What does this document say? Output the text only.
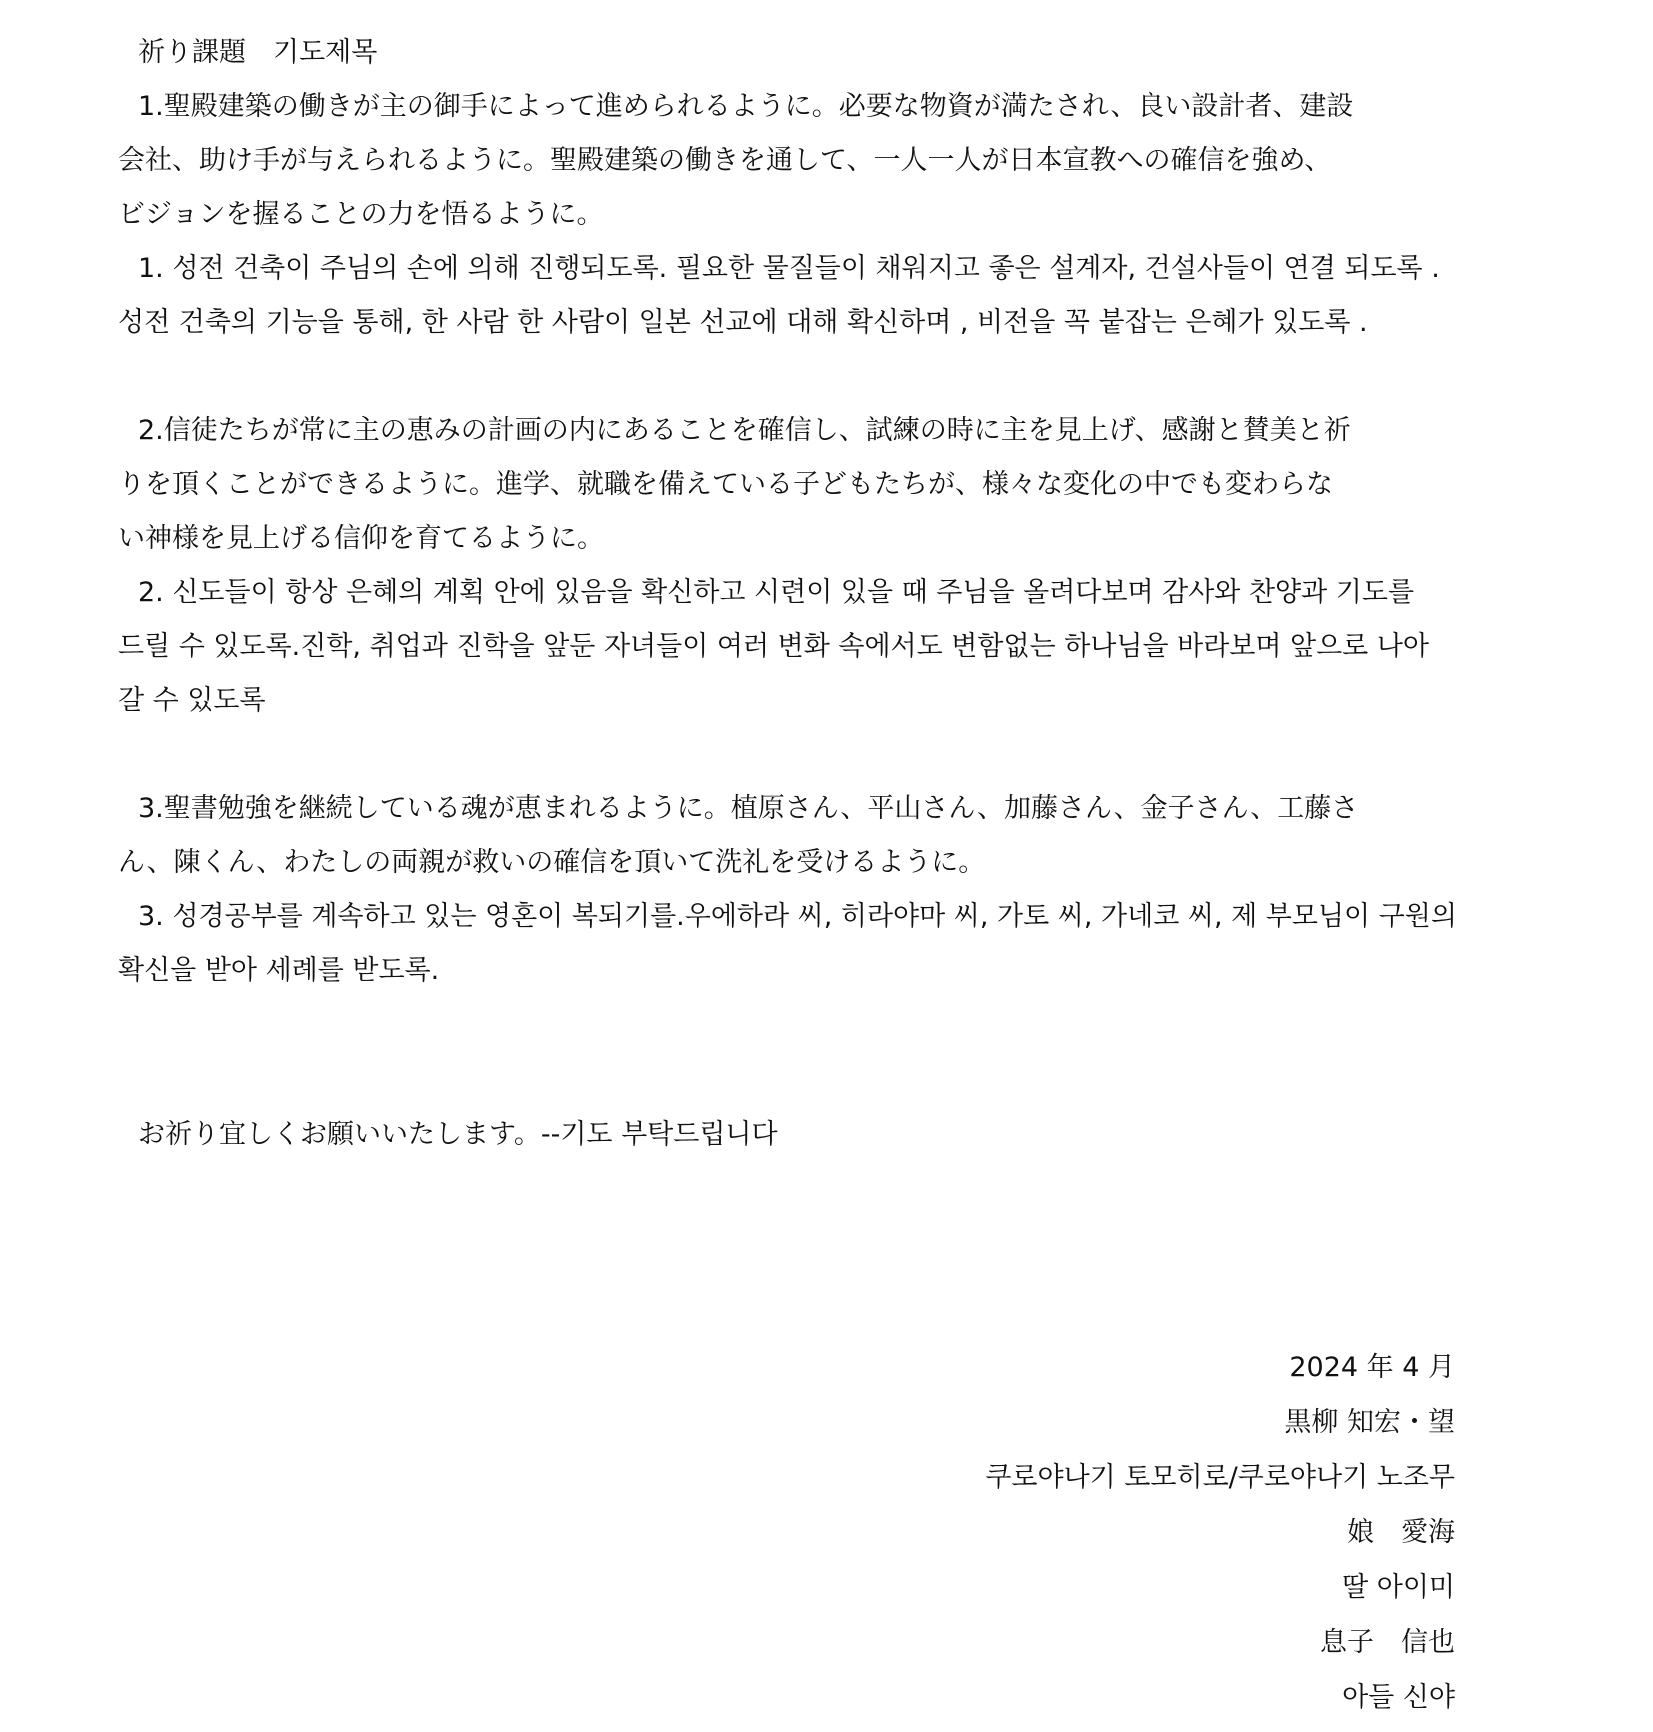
祈り課題　기도제목

1.聖殿建築の働きが主の御手によって進められるように。必要な物資が満たされ、良い設計者、建設

会社、助け手が与えられるように。聖殿建築の働きを通して、一人一人が日本宣教への確信を強め、

ビジョンを握ることの力を悟るように。

1. 성전 건축이 주님의 손에 의해 진행되도록. 필요한 물질들이 채워지고 좋은 설계자, 건설사들이 연결 되도록 .

성전 건축의 기능을 통해, 한 사람 한 사람이 일본 선교에 대해 확신하며 , 비전을 꼭 붙잡는 은혜가 있도록 .

2.信徒たちが常に主の恵みの計画の内にあることを確信し、試練の時に主を見上げ、感謝と賛美と祈

りを頂くことができるように。進学、就職を備えている子どもたちが、様々な変化の中でも変わらな

い神様を見上げる信仰を育てるように。

2. 신도들이 항상 은혜의 계획 안에 있음을 확신하고 시련이 있을 때 주님을 올려다보며 감사와 찬양과 기도를

드릴 수 있도록.진학, 취업과 진학을 앞둔 자녀들이 여러 변화 속에서도 변함없는 하나님을 바라보며 앞으로 나아

갈 수 있도록

3.聖書勉強を継続している魂が恵まれるように。植原さん、平山さん、加藤さん、金子さん、工藤さ

ん、陳くん、わたしの両親が救いの確信を頂いて洗礼を受けるように。

3. 성경공부를 계속하고 있는 영혼이 복되기를.우에하라 씨, 히라야마 씨, 가토 씨, 가네코 씨, 제 부모님이 구원의

확신을 받아 세례를 받도록.

お祈り宜しくお願いいたします。--기도 부탁드립니다

2024 年 4 月

黒柳 知宏・望

쿠로야나기 토모히로/쿠로야나기 노조무

娘　愛海

딸 아이미

息子　信也

아들 신야
